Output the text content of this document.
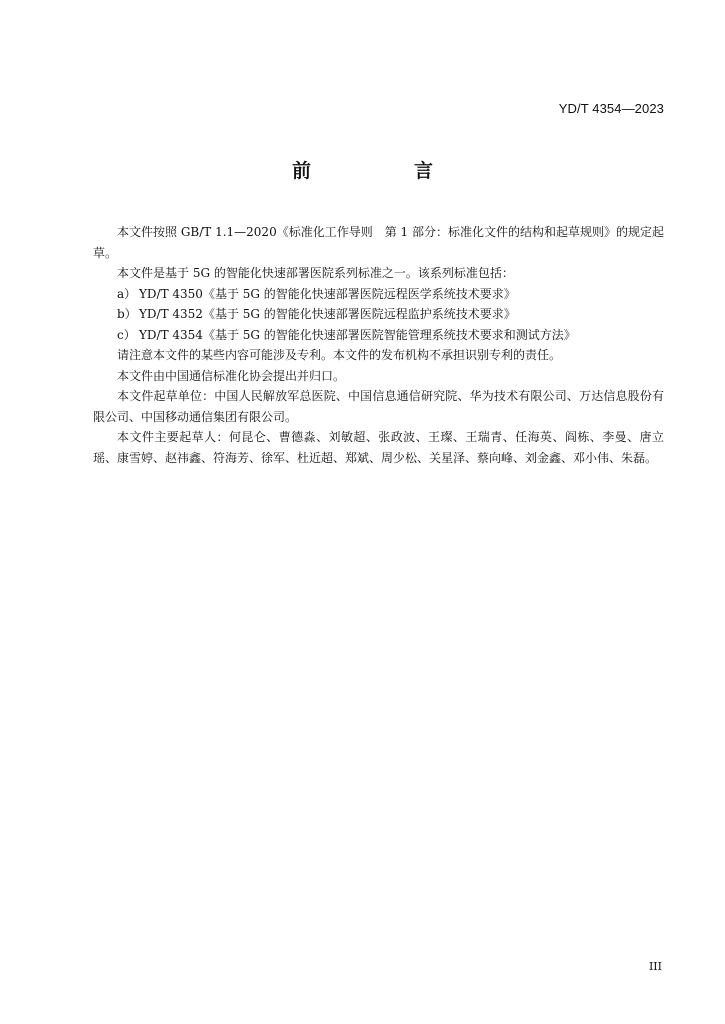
YD/T 4354—2023
前　言

本文件按照 GB/T 1.1—2020《标准化工作导则　第 1 部分：标准化文件的结构和起草规则》的规定起草。

本文件是基于 5G 的智能化快速部署医院系列标准之一。该系列标准包括：

a） YD/T 4350《基于 5G 的智能化快速部署医院远程医学系统技术要求》

b） YD/T 4352《基于 5G 的智能化快速部署医院远程监护系统技术要求》

c） YD/T 4354《基于 5G 的智能化快速部署医院智能管理系统技术要求和测试方法》

请注意本文件的某些内容可能涉及专利。本文件的发布机构不承担识别专利的责任。

本文件由中国通信标准化协会提出并归口。

本文件起草单位：中国人民解放军总医院、中国信息通信研究院、华为技术有限公司、万达信息股份有限公司、中国移动通信集团有限公司。

本文件主要起草人：何昆仑、曹德淼、刘敏超、张政波、王璨、王瑞青、任海英、阎栋、李曼、唐立瑶、康雪婷、赵祎鑫、符海芳、徐军、杜近超、郑斌、周少松、关星泽、蔡向峰、刘金鑫、邓小伟、朱磊。

III
